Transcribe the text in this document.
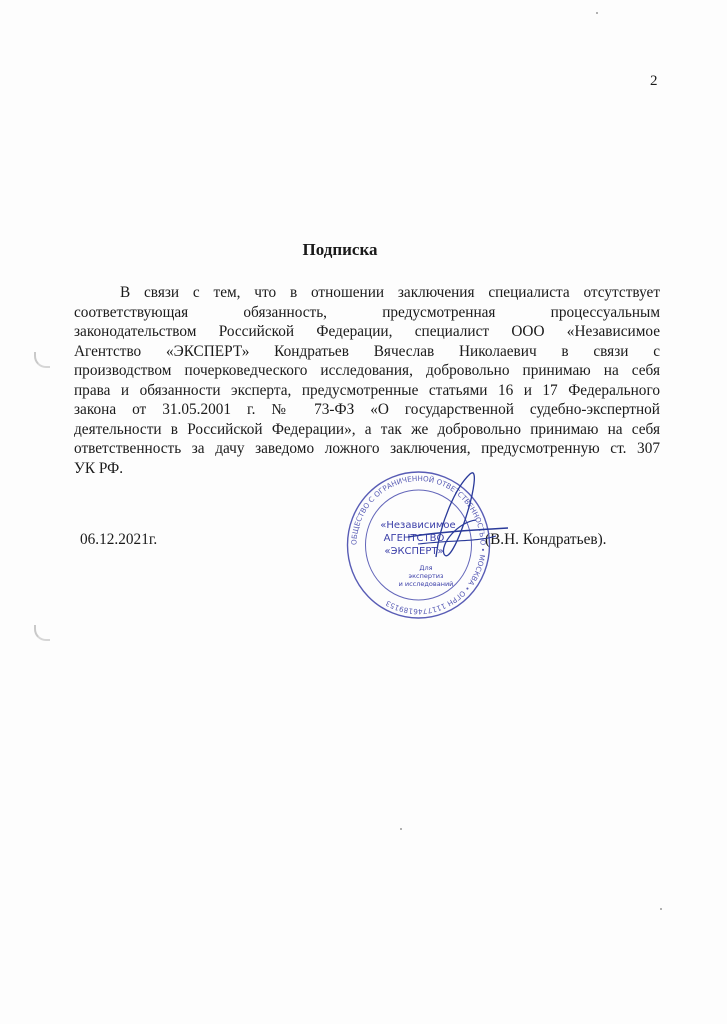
2
Подписка
В связи с тем, что в отношении заключения специалиста отсутствует
соответствующая обязанность, предусмотренная процессуальным
законодательством Российской Федерации, специалист ООО «Независимое
Агентство «ЭКСПЕРТ» Кондратьев Вячеслав Николаевич в связи с
производством почерковедческого исследования, добровольно принимаю на себя
права и обязанности эксперта, предусмотренные статьями 16 и 17 Федерального
закона от 31.05.2001 г. № 73-ФЗ «О государственной судебно-экспертной
деятельности в Российской Федерации», а так же добровольно принимаю на себя
ответственность за дачу заведомо ложного заключения, предусмотренную ст. 307
УК РФ.
06.12.2021г.	(В.Н. Кондратьев).
ОБЩЕСТВО С ОГРАНИЧЕННОЙ ОТВЕТСТВЕННОСТЬЮ • МОСКВА • ОГРН 1117746189153
«Независимое
АГЕНТСТВО
«ЭКСПЕРТ»
Для
экспертиз
и исследований
